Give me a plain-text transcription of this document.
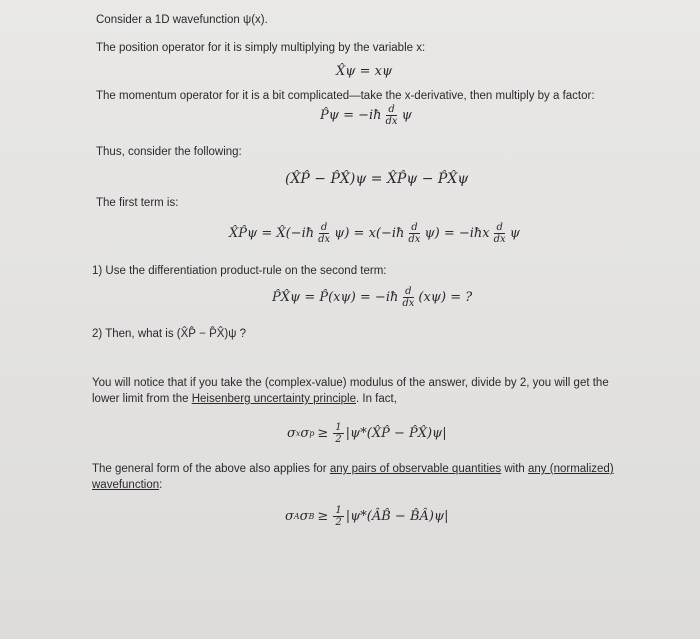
Consider a 1D wavefunction ψ(x).
The position operator for it is simply multiplying by the variable x:
X̂ψ = xψ
The momentum operator for it is a bit complicated—take the x-derivative, then multiply by a factor:
P̂ψ = −iħ $\frac{d}{dx}$ ψ
Thus, consider the following:
(X̂P̂ − P̂X̂)ψ = X̂P̂ψ − P̂X̂ψ
The first term is:
X̂P̂ψ = X̂(−iħ $\frac{d}{dx} \psi$) = x(−iħ $\frac{d}{dx} \psi$) = −iħx $\frac{d}{dx}$ ψ
1) Use the differentiation product-rule on the second term:
P̂X̂ψ = P̂(xψ) = −iħ $\frac{d}{dx} (x\psi)$ = ?
2) Then, what is (X̂P̂ − P̂X̂)ψ ?
You will notice that if you take the (complex-value) modulus of the answer, divide by 2, you will get the
lower limit from the Heisenberg uncertainty principle. In fact,
σ x σ $p \ge \frac{1}{2}$ |ψ*(X̂P̂ − P̂X̂)ψ|
The general form of the above also applies for any pairs of observable quantities with any (normalized)
wavefunction:
σ A σ $B \ge \frac{1}{2}$ |ψ*(ÂB̂ − B̂Â)ψ|
